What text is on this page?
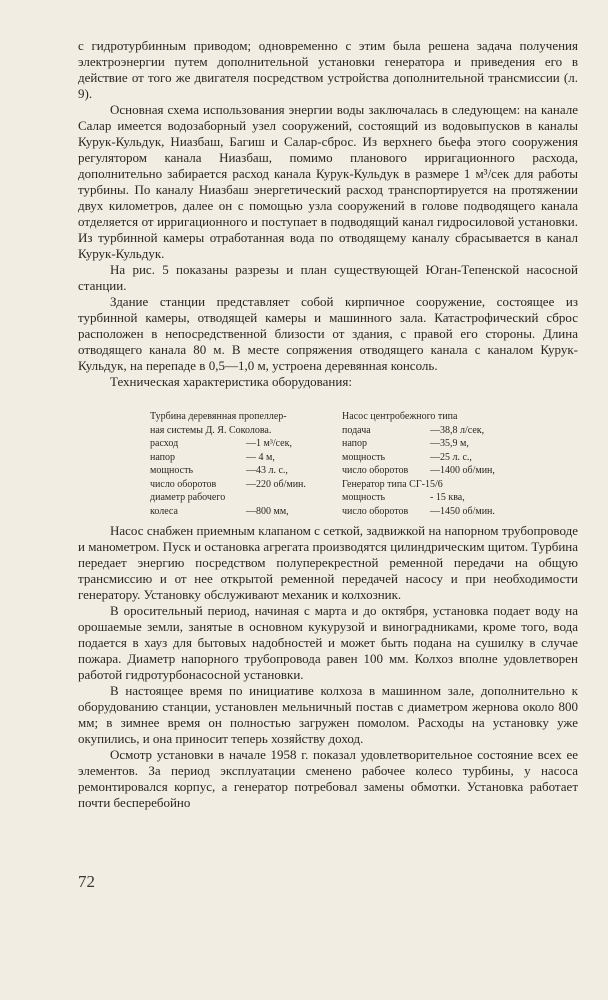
с гидротурбинным приводом; одновременно с этим была решена задача получения электроэнергии путем дополнительной установки генератора и приведения его в действие от того же двигателя посредством устройства дополнительной трансмиссии (л. 9).

Основная схема использования энергии воды заключалась в следующем: на канале Салар имеется водозаборный узел сооружений, состоящий из водовыпусков в каналы Курук-Кульдук, Ниазбаш, Багиш и Салар-сброс. Из верхнего бьефа этого сооружения регулятором канала Ниазбаш, помимо планового ирригационного расхода, дополнительно забирается расход канала Курук-Кульдук в размере 1 м³/сек для работы турбины. По каналу Ниазбаш энергетический расход транспортируется на протяжении двух километров, далее он с помощью узла сооружений в голове подводящего канала отделяется от ирригационного и поступает в подводящий канал гидросиловой установки. Из турбинной камеры отработанная вода по отводящему каналу сбрасывается в канал Курук-Кульдук.

На рис. 5 показаны разрезы и план существующей Юган-Тепенской насосной станции.

Здание станции представляет собой кирпичное сооружение, состоящее из турбинной камеры, отводящей камеры и машинного зала. Катастрофический сброс расположен в непосредственной близости от здания, с правой его стороны. Длина отводящего канала 80 м. В месте сопряжения отводящего канала с каналом Курук-Кульдук, на перепаде в 0,5—1,0 м, устроена деревянная консоль.

Техническая характеристика оборудования:

Турбина деревянная пропеллер-
ная системы Д. Я. Соколова.
расход	—1 м³/сек,
напор	— 4 м,
мощность	—43 л. с.,
число оборотов	—220 об/мин.
диаметр рабочего
колеса	—800 мм,
Насос центробежного типа
подача	—38,8 л/сек,
напор	—35,9 м,
мощность	—25 л. с.,
число оборотов —1400 об/мин,
Генератор типа СГ-15/6
мощность	- 15 ква,
число оборотов —1450 об/мин.

Насос снабжен приемным клапаном с сеткой, задвижкой на напорном трубопроводе и манометром. Пуск и остановка агрегата производятся цилиндрическим щитом. Турбина передает энергию посредством полуперекрестной ременной передачи на общую трансмиссию и от нее открытой ременной передачей насосу и при необходимости генератору. Установку обслуживают механик и колхозник.

В оросительный период, начиная с марта и до октября, установка подает воду на орошаемые земли, занятые в основном кукурузой и виноградниками, кроме того, вода подается в хауз для бытовых надобностей и может быть подана на сушилку в случае пожара. Диаметр напорного трубопровода равен 100 мм. Колхоз вполне удовлетворен работой гидротурбонасосной установки.

В настоящее время по инициативе колхоза в машинном зале, дополнительно к оборудованию станции, установлен мельничный постав с диаметром жернова около 800 мм; в зимнее время он полностью загружен помолом. Расходы на установку уже окупились, и она приносит теперь хозяйству доход.

Осмотр установки в начале 1958 г. показал удовлетворительное состояние всех ее элементов. За период эксплуатации сменено рабочее колесо турбины, у насоса ремонтировался корпус, а генератор потребовал замены обмотки. Установка работает почти бесперебойно

72
